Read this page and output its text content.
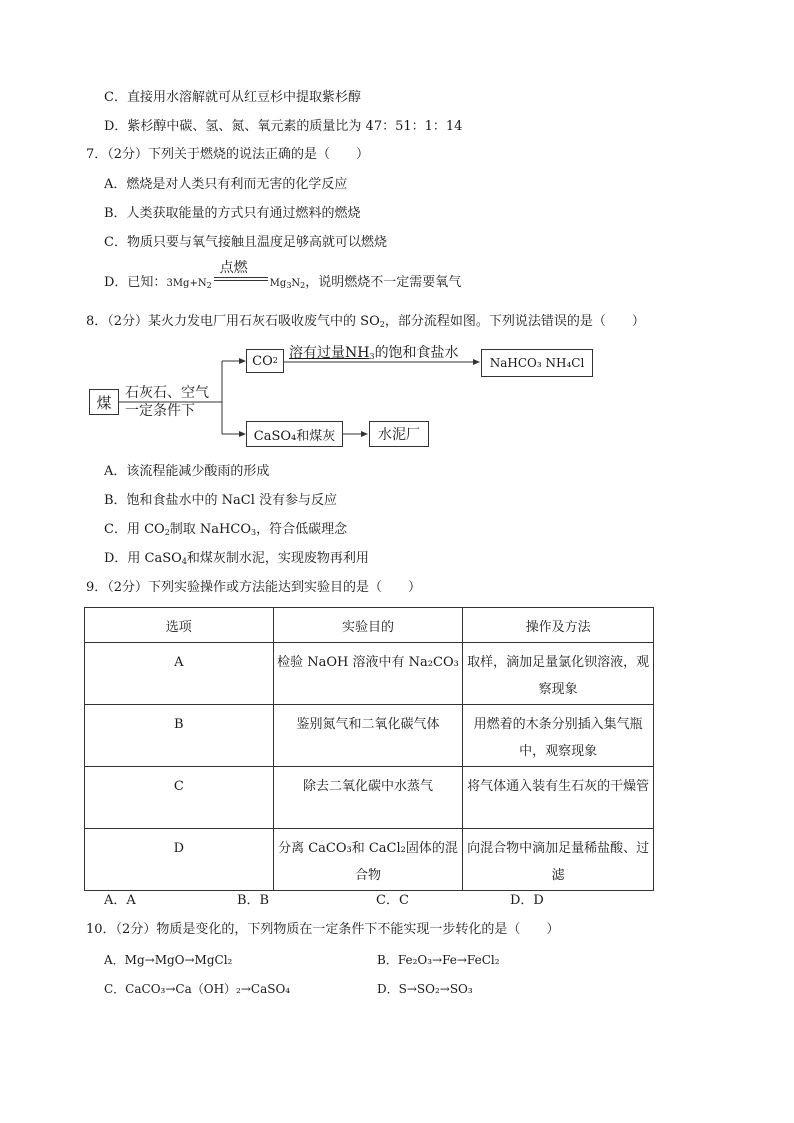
C．直接用水溶解就可从红豆杉中提取紫杉醇
D．紫杉醇中碳、氢、氮、氧元素的质量比为 47：51：1：14
7．（2分）下列关于燃烧的说法正确的是（　　）
A．燃烧是对人类只有利而无害的化学反应
B．人类获取能量的方式只有通过燃料的燃烧
C．物质只要与氧气接触且温度足够高就可以燃烧
D．已知：$3Mg+N_2$
点燃
$Mg_3N_2$，说明燃烧不一定需要氧气
8．（2分）某火力发电厂用石灰石吸收废气中的 $SO_2$，部分流程如图。下列说法错误的是（　　）
煤
石灰石、空气
一定条件下
CO 2 溶有过量$NH_3$的饱和食盐水
NaHCO₃ NH₄Cl
CaSO₄和煤灰	水泥厂
A．该流程能减少酸雨的形成
B．饱和食盐水中的 NaCl 没有参与反应
C．用 $CO_2$制取 NaHCO$_3$，符合低碳理念
D．用 CaSO$_4$和煤灰制水泥，实现废物再利用
9．（2分）下列实验操作或方法能达到实验目的是（　　）
选项	实验目的	操作及方法
A	检验 NaOH 溶液中有 Na₂CO₃	取样，滴加足量氯化钡溶液，观察现象
B	鉴别氮气和二氧化碳气体	用燃着的木条分别插入集气瓶中，观察现象
C	除去二氧化碳中水蒸气	将气体通入装有生石灰的干燥管
D	分离 CaCO₃和 CaCl₂固体的混合物	向混合物中滴加足量稀盐酸、过滤
A．A	B．B	C．C	D．D
10．（2分）物质是变化的，下列物质在一定条件下不能实现一步转化的是（　　）
A．Mg→MgO→MgCl₂	B．Fe₂O₃→Fe→FeCl₂
C．CaCO₃→Ca（OH）₂→CaSO₄	D．S→SO₂→SO₃
